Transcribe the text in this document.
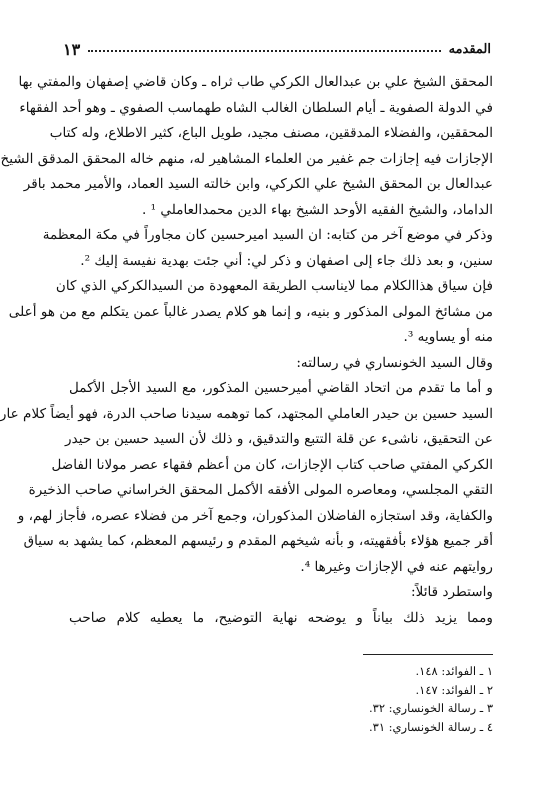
المقدمه
١٣
المحقق الشيخ علي بن عبدالعال الكركي طاب ثراه ـ وكان قاضي إصفهان والمفتي بها
في الدولة الصفوية ـ أيام السلطان الغالب الشاه طهماسب الصفوي ـ وهو أحد الفقهاء
المحققين، والفضلاء المدققين، مصنف مجيد، طويل الباع، كثير الاطلاع، وله كتاب
الإجازات فيه إجازات جم غفير من العلماء المشاهير له، منهم خاله المحقق المدقق الشيخ
عبدالعال بن المحقق الشيخ علي الكركي، وابن خالته السيد العماد، والأمير محمد باقر
الداماد، والشيخ الفقيه الأوحد الشيخ بهاء الدين محمدالعاملي ¹ .
وذكر في موضع آخر من كتابه: ان السيد اميرحسين كان مجاوراً في مكة المعظمة
سنين، و بعد ذلك جاء إلى اصفهان و ذكر لي: أني جئت بهدية نفيسة إليك ².
فإن سياق هذاالكلام مما لايناسب الطريقة المعهودة من السيدالكركي الذي كان
من مشائخ المولى المذكور و بنيه، و إنما هو كلام يصدر غالباً عمن يتكلم مع من هو أعلى
منه أو يساويه ³.
وقال السيد الخونساري في رسالته:
و أما ما تقدم من اتحاد القاضي أميرحسين المذكور، مع السيد الأجل الأكمل
السيد حسين بن حيدر العاملي المجتهد، كما توهمه سيدنا صاحب الدرة، فهو أيضاً كلام عار
عن التحقيق، ناشىء عن قلة التتبع والتدقيق، و ذلك لأن السيد حسين بن حيدر
الكركي المفتي صاحب كتاب الإجازات، كان من أعظم فقهاء عصر مولانا الفاضل
التقي المجلسي، ومعاصره المولى الأفقه الأكمل المحقق الخراساني صاحب الذخيرة
والكفاية، وقد استجازه الفاضلان المذكوران، وجمع آخر من فضلاء عصره، فأجاز لهم، و
أقر جميع هؤلاء بأفقهيته، و بأنه شيخهم المقدم و رئيسهم المعظم، كما يشهد به سياق
روايتهم عنه في الإجازات وغيرها ⁴.
واستطرد قائلاً:
ومما يزيد ذلك بياناً و يوضحه نهاية التوضيح، ما يعطيه كلام صاحب
١ ـ الفوائد: ١٤٨.
٢ ـ الفوائد: ١٤٧.
٣ ـ رسالة الخونساري: ٣٢.
٤ ـ رسالة الخونساري: ٣١.
